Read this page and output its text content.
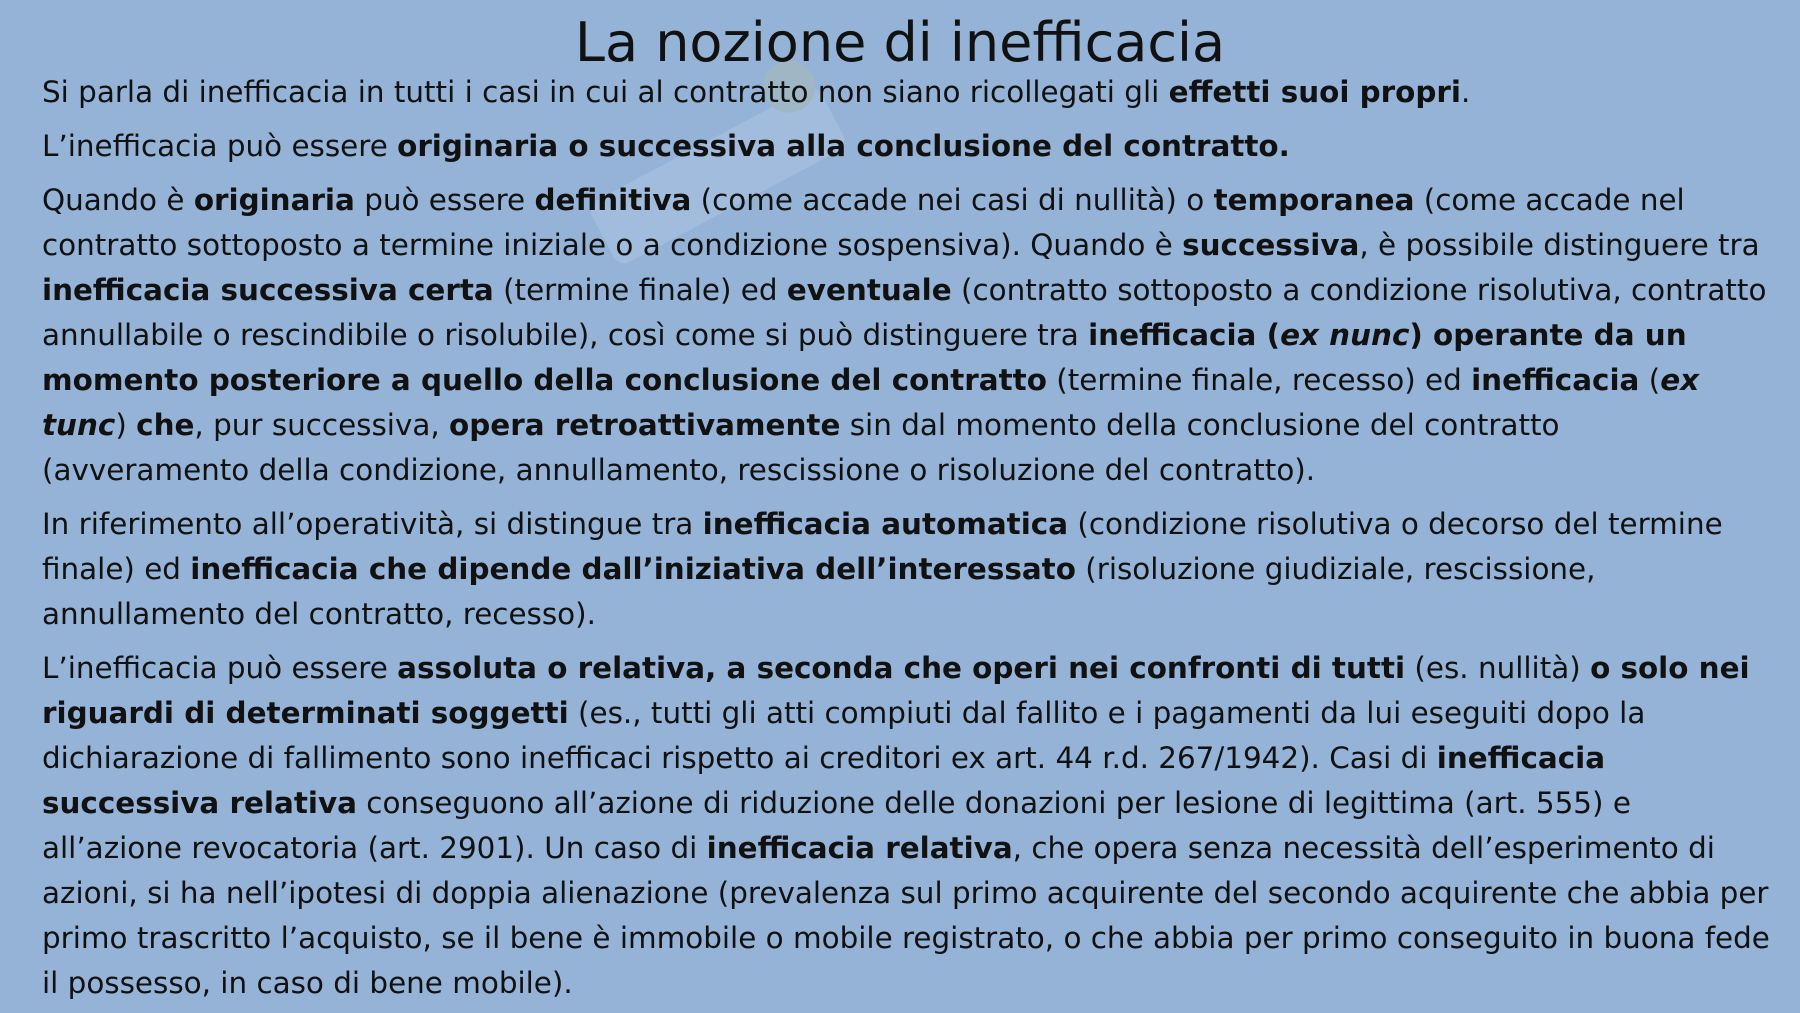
La nozione di inefficacia

Si parla di inefficacia in tutti i casi in cui al contratto non siano ricollegati gli effetti suoi propri.

L’inefficacia può essere originaria o successiva alla conclusione del contratto.

Quando è originaria può essere definitiva (come accade nei casi di nullità) o temporanea (come accade nel contratto sottoposto a termine iniziale o a condizione sospensiva). Quando è successiva, è possibile distinguere tra inefficacia successiva certa (termine finale) ed eventuale (contratto sottoposto a condizione risolutiva, contratto annullabile o rescindibile o risolubile), così come si può distinguere tra inefficacia (ex nunc) operante da un momento posteriore a quello della conclusione del contratto (termine finale, recesso) ed inefficacia (ex tunc) che, pur successiva, opera retroattivamente sin dal momento della conclusione del contratto (avveramento della condizione, annullamento, rescissione o risoluzione del contratto).

In riferimento all’operatività, si distingue tra inefficacia automatica (condizione risolutiva o decorso del termine finale) ed inefficacia che dipende dall’iniziativa dell’interessato (risoluzione giudiziale, rescissione, annullamento del contratto, recesso).

L’inefficacia può essere assoluta o relativa, a seconda che operi nei confronti di tutti (es. nullità) o solo nei riguardi di determinati soggetti (es., tutti gli atti compiuti dal fallito e i pagamenti da lui eseguiti dopo la dichiarazione di fallimento sono inefficaci rispetto ai creditori ex art. 44 r.d. 267/1942). Casi di inefficacia successiva relativa conseguono all’azione di riduzione delle donazioni per lesione di legittima (art. 555) e all’azione revocatoria (art. 2901). Un caso di inefficacia relativa, che opera senza necessità dell’esperimento di azioni, si ha nell’ipotesi di doppia alienazione (prevalenza sul primo acquirente del secondo acquirente che abbia per primo trascritto l’acquisto, se il bene è immobile o mobile registrato, o che abbia per primo conseguito in buona fede il possesso, in caso di bene mobile).
